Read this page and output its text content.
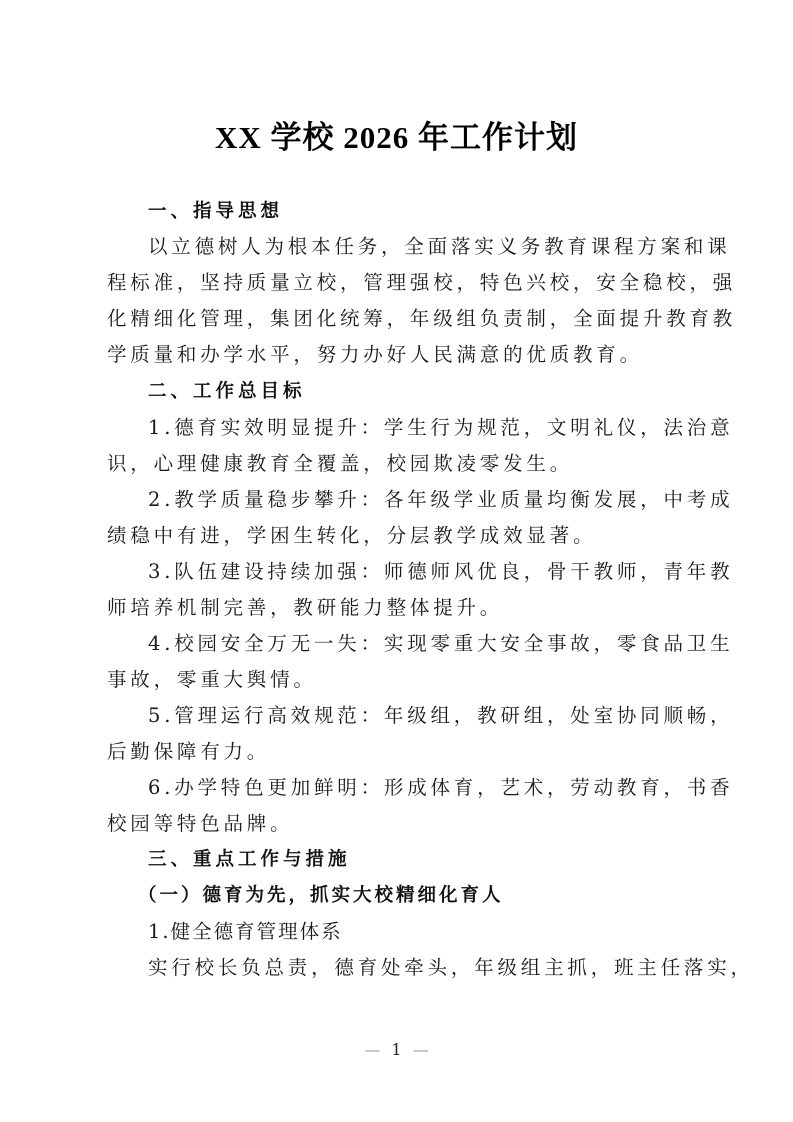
XX 学校 2026 年工作计划
一、指导思想
以立德树人为根本任务，全面落实义务教育课程方案和课
程标准，坚持质量立校，管理强校，特色兴校，安全稳校，强
化精细化管理，集团化统筹，年级组负责制，全面提升教育教
学质量和办学水平，努力办好人民满意的优质教育。
二、工作总目标
1.德育实效明显提升：学生行为规范，文明礼仪，法治意
识，心理健康教育全覆盖，校园欺凌零发生。
2.教学质量稳步攀升：各年级学业质量均衡发展，中考成
绩稳中有进，学困生转化，分层教学成效显著。
3.队伍建设持续加强：师德师风优良，骨干教师，青年教
师培养机制完善，教研能力整体提升。
4.校园安全万无一失：实现零重大安全事故，零食品卫生
事故，零重大舆情。
5.管理运行高效规范：年级组，教研组，处室协同顺畅，
后勤保障有力。
6.办学特色更加鲜明：形成体育，艺术，劳动教育，书香
校园等特色品牌。
三、重点工作与措施
（一）德育为先，抓实大校精细化育人
1.健全德育管理体系
实行校长负总责，德育处牵头，年级组主抓，班主任落实，
— 1 —
